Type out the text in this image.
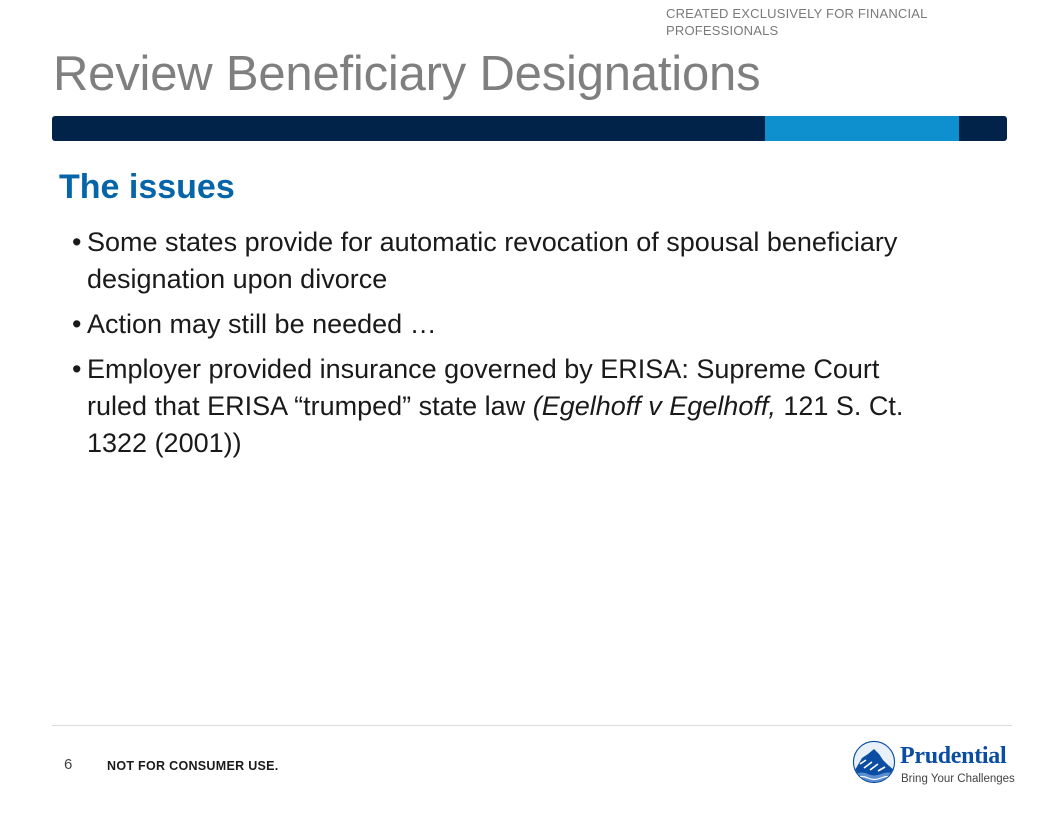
CREATED EXCLUSIVELY FOR FINANCIAL PROFESSIONALS
Review Beneficiary Designations
The issues
• Some states provide for automatic revocation of spousal beneficiary designation upon divorce
• Action may still be needed …
• Employer provided insurance governed by ERISA: Supreme Court ruled that ERISA “trumped” state law (Egelhoff v Egelhoff, 121 S. Ct. 1322 (2001))
6	NOT FOR CONSUMER USE.	Prudential
Bring Your Challenges
